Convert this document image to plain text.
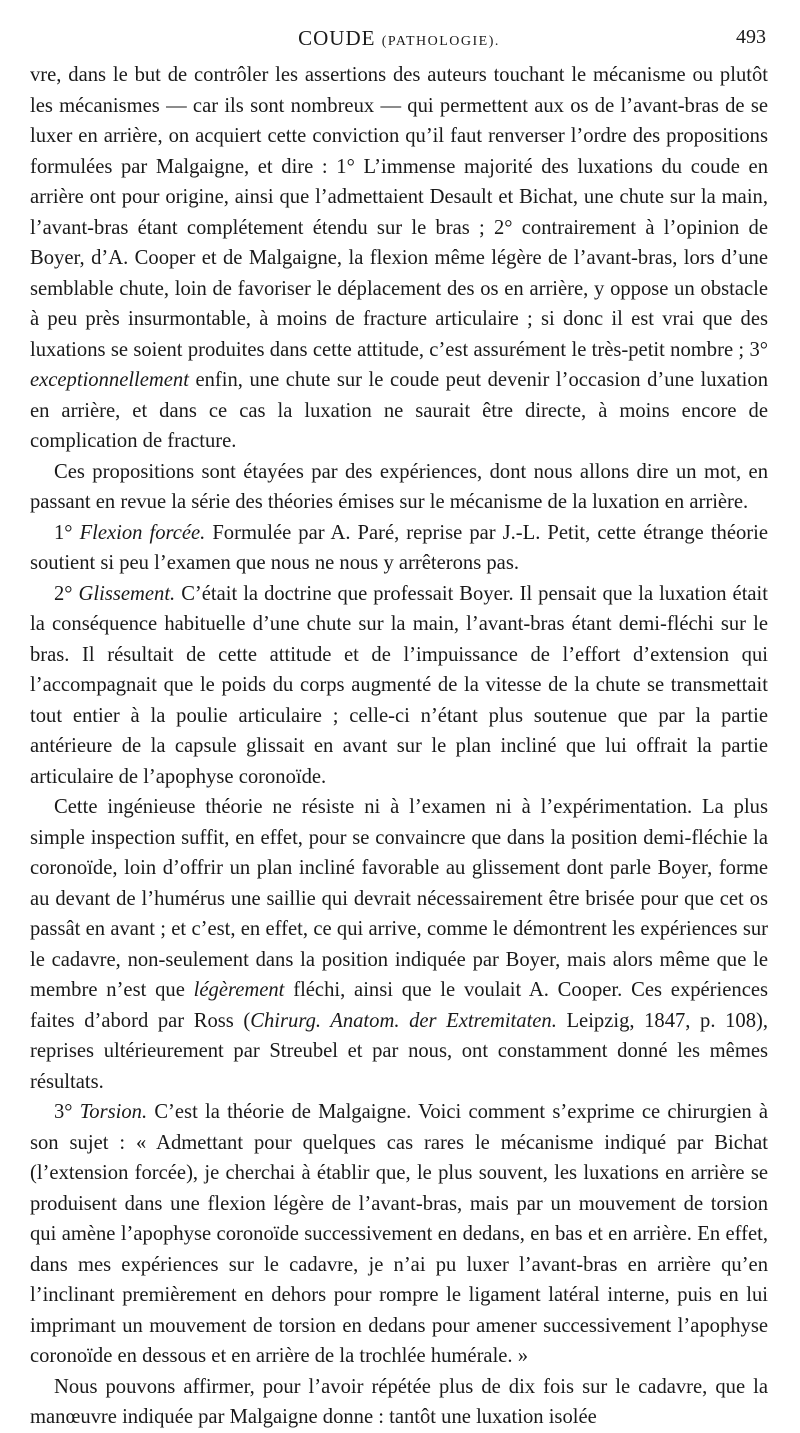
COUDE (PATHOLOGIE).	493

vre, dans le but de contrôler les assertions des auteurs touchant le mécanisme ou plutôt les mécanismes — car ils sont nombreux — qui permettent aux os de l’avant-bras de se luxer en arrière, on acquiert cette conviction qu’il faut renverser l’ordre des propositions formulées par Malgaigne, et dire : 1° L’immense majorité des luxations du coude en arrière ont pour origine, ainsi que l’admettaient Desault et Bichat, une chute sur la main, l’avant-bras étant complétement étendu sur le bras ; 2° contrairement à l’opinion de Boyer, d’A. Cooper et de Malgaigne, la flexion même légère de l’avant-bras, lors d’une semblable chute, loin de favoriser le déplacement des os en arrière, y oppose un obstacle à peu près insurmontable, à moins de fracture articulaire ; si donc il est vrai que des luxations se soient produites dans cette attitude, c’est assurément le très-petit nombre ; 3° exceptionnellement enfin, une chute sur le coude peut devenir l’occasion d’une luxation en arrière, et dans ce cas la luxation ne saurait être directe, à moins encore de complication de fracture.

Ces propositions sont étayées par des expériences, dont nous allons dire un mot, en passant en revue la série des théories émises sur le mécanisme de la luxation en arrière.

1° Flexion forcée. Formulée par A. Paré, reprise par J.-L. Petit, cette étrange théorie soutient si peu l’examen que nous ne nous y arrêterons pas.

2° Glissement. C’était la doctrine que professait Boyer. Il pensait que la luxation était la conséquence habituelle d’une chute sur la main, l’avant-bras étant demi-fléchi sur le bras. Il résultait de cette attitude et de l’impuissance de l’effort d’extension qui l’accompagnait que le poids du corps augmenté de la vitesse de la chute se transmettait tout entier à la poulie articulaire ; celle-ci n’étant plus soutenue que par la partie antérieure de la capsule glissait en avant sur le plan incliné que lui offrait la partie articulaire de l’apophyse coronoïde.

Cette ingénieuse théorie ne résiste ni à l’examen ni à l’expérimentation. La plus simple inspection suffit, en effet, pour se convaincre que dans la position demi-fléchie la coronoïde, loin d’offrir un plan incliné favorable au glissement dont parle Boyer, forme au devant de l’humérus une saillie qui devrait nécessairement être brisée pour que cet os passât en avant ; et c’est, en effet, ce qui arrive, comme le démontrent les expériences sur le cadavre, non-seulement dans la position indiquée par Boyer, mais alors même que le membre n’est que légèrement fléchi, ainsi que le voulait A. Cooper. Ces expériences faites d’abord par Ross (Chirurg. Anatom. der Extremitaten. Leipzig, 1847, p. 108), reprises ultérieurement par Streubel et par nous, ont constamment donné les mêmes résultats.

3° Torsion. C’est la théorie de Malgaigne. Voici comment s’exprime ce chirurgien à son sujet : « Admettant pour quelques cas rares le mécanisme indiqué par Bichat (l’extension forcée), je cherchai à établir que, le plus souvent, les luxations en arrière se produisent dans une flexion légère de l’avant-bras, mais par un mouvement de torsion qui amène l’apophyse coronoïde successivement en dedans, en bas et en arrière. En effet, dans mes expériences sur le cadavre, je n’ai pu luxer l’avant-bras en arrière qu’en l’inclinant premièrement en dehors pour rompre le ligament latéral interne, puis en lui imprimant un mouvement de torsion en dedans pour amener successivement l’apophyse coronoïde en dessous et en arrière de la trochlée humérale. »

Nous pouvons affirmer, pour l’avoir répétée plus de dix fois sur le cadavre, que la manœuvre indiquée par Malgaigne donne : tantôt une luxation isolée
